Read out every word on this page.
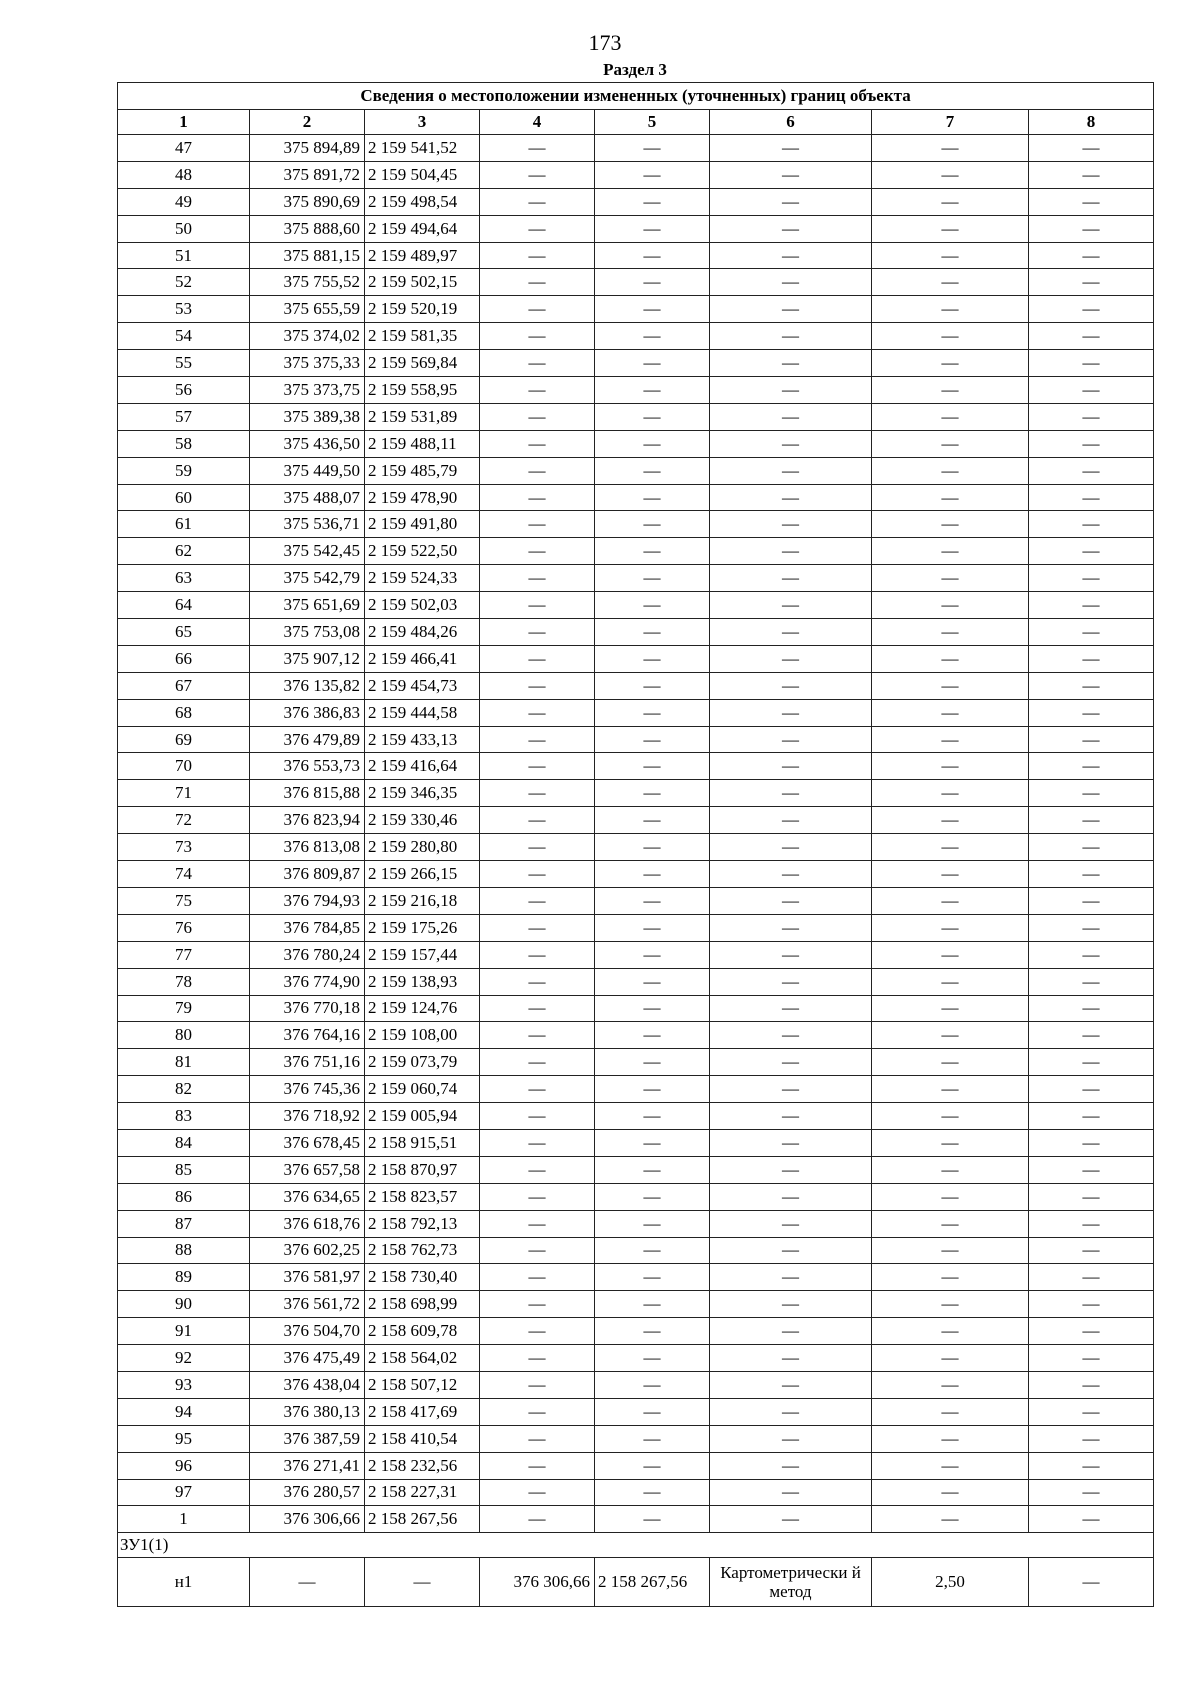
173
Раздел 3
Сведения о местоположении измененных (уточненных) границ объекта							
1	2	3	4	5	6	7	8
47	375 894,89	2 159 541,52	—	—	—	—	—
48	375 891,72	2 159 504,45	—	—	—	—	—
49	375 890,69	2 159 498,54	—	—	—	—	—
50	375 888,60	2 159 494,64	—	—	—	—	—
51	375 881,15	2 159 489,97	—	—	—	—	—
52	375 755,52	2 159 502,15	—	—	—	—	—
53	375 655,59	2 159 520,19	—	—	—	—	—
54	375 374,02	2 159 581,35	—	—	—	—	—
55	375 375,33	2 159 569,84	—	—	—	—	—
56	375 373,75	2 159 558,95	—	—	—	—	—
57	375 389,38	2 159 531,89	—	—	—	—	—
58	375 436,50	2 159 488,11	—	—	—	—	—
59	375 449,50	2 159 485,79	—	—	—	—	—
60	375 488,07	2 159 478,90	—	—	—	—	—
61	375 536,71	2 159 491,80	—	—	—	—	—
62	375 542,45	2 159 522,50	—	—	—	—	—
63	375 542,79	2 159 524,33	—	—	—	—	—
64	375 651,69	2 159 502,03	—	—	—	—	—
65	375 753,08	2 159 484,26	—	—	—	—	—
66	375 907,12	2 159 466,41	—	—	—	—	—
67	376 135,82	2 159 454,73	—	—	—	—	—
68	376 386,83	2 159 444,58	—	—	—	—	—
69	376 479,89	2 159 433,13	—	—	—	—	—
70	376 553,73	2 159 416,64	—	—	—	—	—
71	376 815,88	2 159 346,35	—	—	—	—	—
72	376 823,94	2 159 330,46	—	—	—	—	—
73	376 813,08	2 159 280,80	—	—	—	—	—
74	376 809,87	2 159 266,15	—	—	—	—	—
75	376 794,93	2 159 216,18	—	—	—	—	—
76	376 784,85	2 159 175,26	—	—	—	—	—
77	376 780,24	2 159 157,44	—	—	—	—	—
78	376 774,90	2 159 138,93	—	—	—	—	—
79	376 770,18	2 159 124,76	—	—	—	—	—
80	376 764,16	2 159 108,00	—	—	—	—	—
81	376 751,16	2 159 073,79	—	—	—	—	—
82	376 745,36	2 159 060,74	—	—	—	—	—
83	376 718,92	2 159 005,94	—	—	—	—	—
84	376 678,45	2 158 915,51	—	—	—	—	—
85	376 657,58	2 158 870,97	—	—	—	—	—
86	376 634,65	2 158 823,57	—	—	—	—	—
87	376 618,76	2 158 792,13	—	—	—	—	—
88	376 602,25	2 158 762,73	—	—	—	—	—
89	376 581,97	2 158 730,40	—	—	—	—	—
90	376 561,72	2 158 698,99	—	—	—	—	—
91	376 504,70	2 158 609,78	—	—	—	—	—
92	376 475,49	2 158 564,02	—	—	—	—	—
93	376 438,04	2 158 507,12	—	—	—	—	—
94	376 380,13	2 158 417,69	—	—	—	—	—
95	376 387,59	2 158 410,54	—	—	—	—	—
96	376 271,41	2 158 232,56	—	—	—	—	—
97	376 280,57	2 158 227,31	—	—	—	—	—
1	376 306,66	2 158 267,56	—	—	—	—	—
ЗУ1(1)							
н1	—	—	376 306,66	2 158 267,56	Картометрически й метод	2,50	—
